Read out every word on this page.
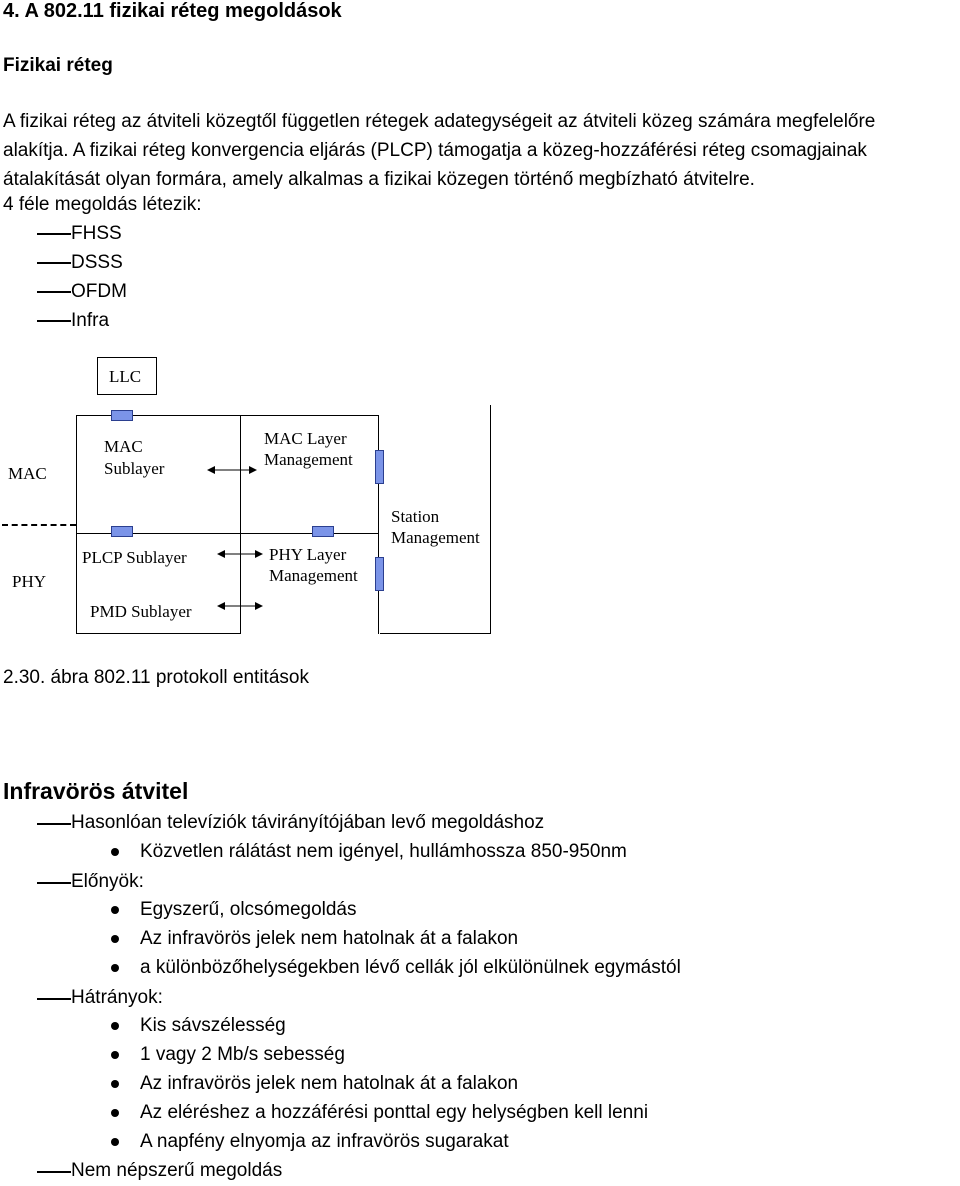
4. A 802.11 fizikai réteg megoldások
Fizikai réteg
A fizikai réteg az átviteli közegtől független rétegek adategységeit az átviteli közeg számára megfelelőre
alakítja. A fizikai réteg konvergencia eljárás (PLCP) támogatja a közeg-hozzáférési réteg csomagjainak
átalakítását olyan formára, amely alkalmas a fizikai közegen történő megbízható átvitelre.
4 féle megoldás létezik:
FHSS
DSSS
OFDM
Infra
LLC
MAC
PHY
MAC
Sublayer
MAC Layer
Management
Station
Management
PLCP Sublayer	PHY Layer
Management
PMD Sublayer
2.30. ábra 802.11 protokoll entitások
Infravörös átvitel
Hasonlóan televíziók távirányítójában levő megoldáshoz
Közvetlen rálátást nem igényel, hullámhossza 850-950nm
Előnyök:
Egyszerű, olcsómegoldás
Az infravörös jelek nem hatolnak át a falakon
a különbözőhelységekben lévő cellák jól elkülönülnek egymástól
Hátrányok:
Kis sávszélesség
1 vagy 2 Mb/s sebesség
Az infravörös jelek nem hatolnak át a falakon
Az eléréshez a hozzáférési ponttal egy helységben kell lenni
A napfény elnyomja az infravörös sugarakat
Nem népszerű megoldás
